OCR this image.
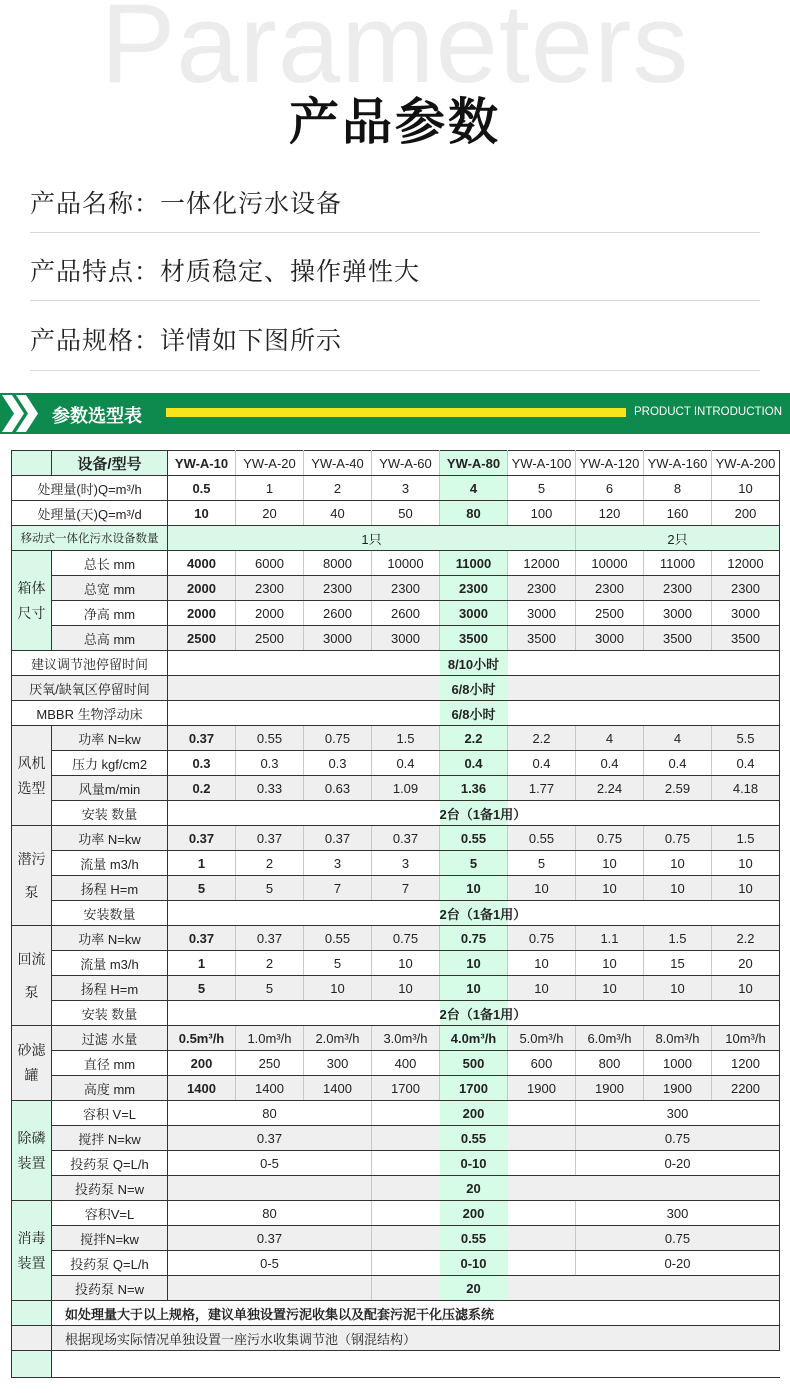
Parameters
产品参数
产品名称：一体化污水设备
产品特点：材质稳定、操作弹性大
产品规格：详情如下图所示
参数选型表	PRODUCT INTRODUCTION
	设备/型号	YW-A-10	YW-A-20	YW-A-40	YW-A-60	YW-A-80	YW-A-100	YW-A-120	YW-A-160	YW-A-200
处理量(时)Q=m³/h		0.5	1	2	3	4	5	6	8	10
处理量(天)Q=m³/d		10	20	40	50	80	100	120	160	200
移动式一体化污水设备数量		1只							2只	
箱体尺寸	总长 mm	4000	6000	8000	10000	11000	12000	10000	11000	12000
	总宽 mm	2000	2300	2300	2300	2300	2300	2300	2300	2300
	净高 mm	2000	2000	2600	2600	3000	3000	2500	3000	3000
	总高 mm	2500	2500	3000	3000	3500	3500	3000	3500	3500
建议调节池停留时间						8/10小时				
厌氧/缺氧区停留时间						6/8小时				
MBBR 生物浮动床						6/8小时				
风机选型	功率 N=kw	0.37	0.55	0.75	1.5	2.2	2.2	4	4	5.5
	压力 kgf/cm2	0.3	0.3	0.3	0.4	0.4	0.4	0.4	0.4	0.4
	风量m/min	0.2	0.33	0.63	1.09	1.36	1.77	2.24	2.59	4.18
	安装 数量					2台（1备1用）				
潜污泵	功率 N=kw	0.37	0.37	0.37	0.37	0.55	0.55	0.75	0.75	1.5
	流量 m3/h	1	2	3	3	5	5	10	10	10
	扬程 H=m	5	5	7	7	10	10	10	10	10
	安装数量					2台（1备1用）				
回流泵	功率 N=kw	0.37	0.37	0.55	0.75	0.75	0.75	1.1	1.5	2.2
	流量 m3/h	1	2	5	10	10	10	10	15	20
	扬程 H=m	5	5	10	10	10	10	10	10	10
	安装 数量					2台（1备1用）				
砂滤罐	过滤 水量	0.5m³/h	1.0m³/h	2.0m³/h	3.0m³/h	4.0m³/h	5.0m³/h	6.0m³/h	8.0m³/h	10m³/h
	直径 mm	200	250	300	400	500	600	800	1000	1200
	高度 mm	1400	1400	1400	1700	1700	1900	1900	1900	2200
除磷装置	容积 V=L		80			200			300	
	搅拌 N=kw		0.37			0.55			0.75	
	投药泵 Q=L/h		0-5			0-10			0-20	
	投药泵 N=w					20				
消毒装置	容积V=L		80			200			300	
	搅拌N=kw		0.37			0.55			0.75	
	投药泵 Q=L/h		0-5			0-10			0-20	
	投药泵 N=w					20				
	如处理量大于以上规格，建议单独设置污泥收集以及配套污泥干化压滤系统									
	根据现场实际情况单独设置一座污水收集调节池（钢混结构）									
